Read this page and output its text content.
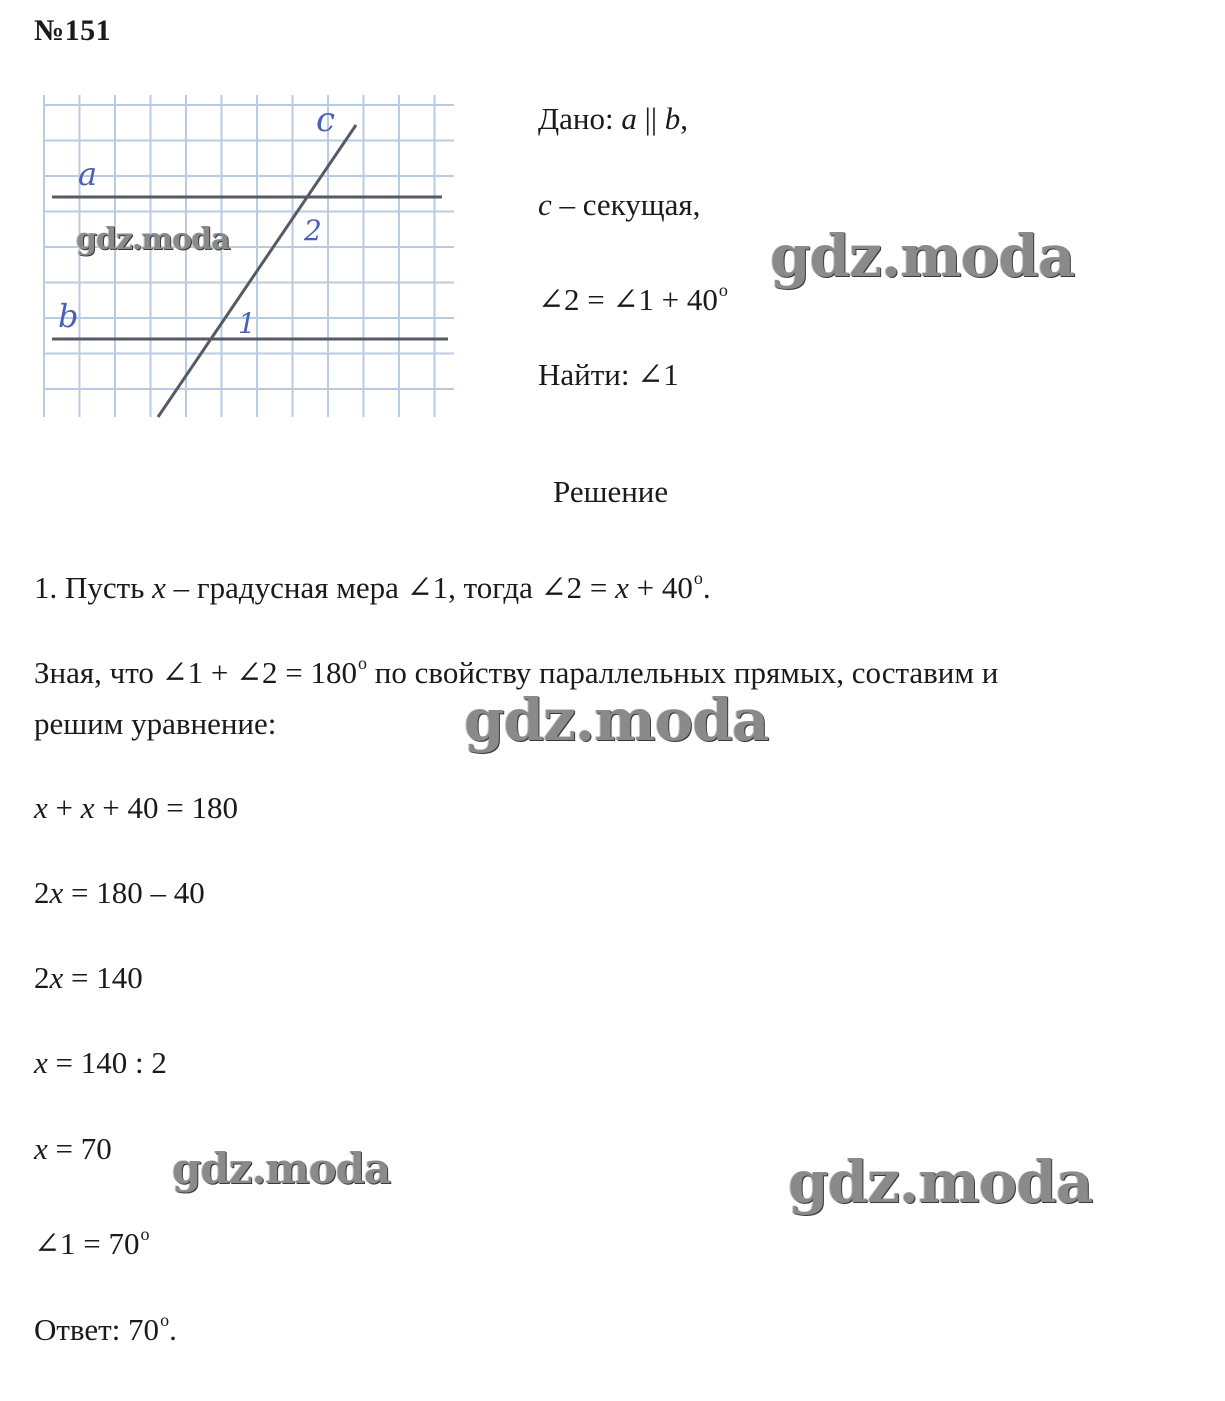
№151
a
b
c
1
2
Дано: a || b,
c – секущая,
∠2 = ∠1 + $40^о$
Найти: ∠1
Решение
1. Пусть x – градусная мера ∠1, тогда ∠2 = $x + 40^о$.
Зная, что ∠1 + ∠2 = $180^о$ по свойству параллельных прямых, составим и
решим уравнение:
x + x + 40 = 180
2x = 180 – 40
2x = 140
x = 140 : 2
x = 70
∠1 = $70^о$
Ответ: $70^о$.
gdz.moda	gdz.moda
gdz.moda
gdz.moda	gdz.moda
